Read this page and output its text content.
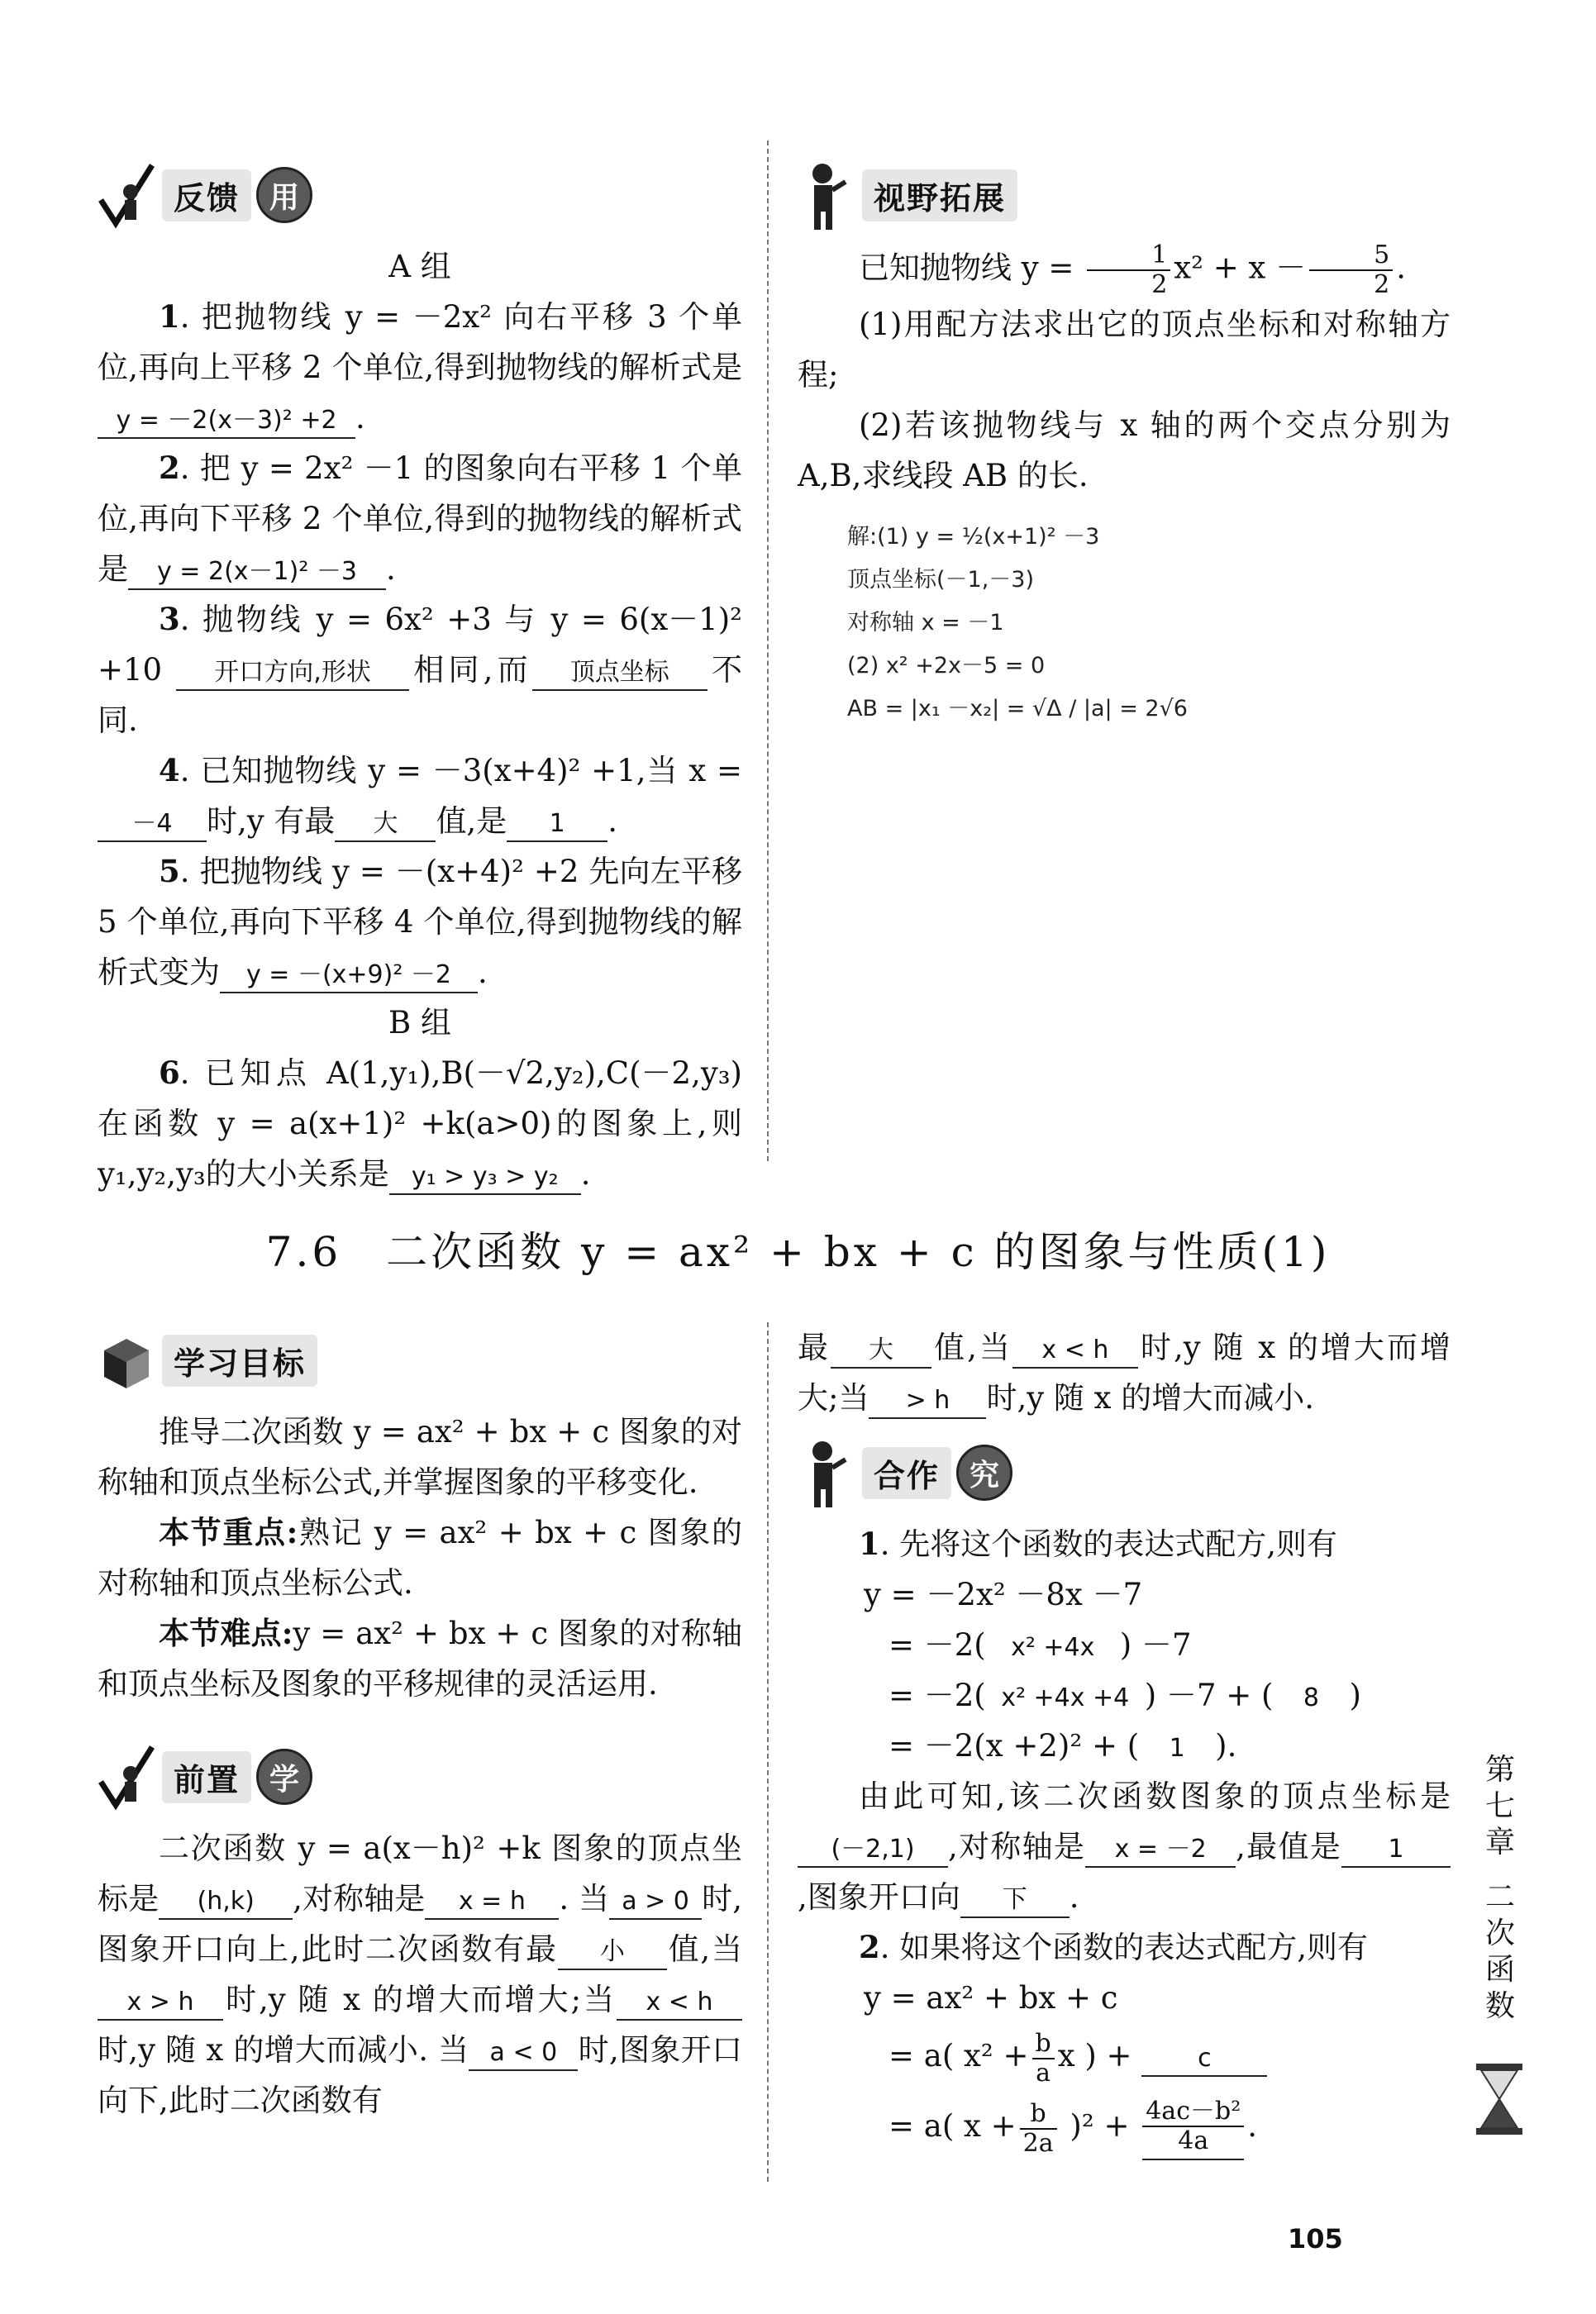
反馈 用

A 组

1. 把抛物线 y = －2x² 向右平移 3 个单位,再向上平移 2 个单位,得到抛物线的解析式是y = －2(x－3)² +2 .

2. 把 y = 2x² －1 的图象向右平移 1 个单位,再向下平移 2 个单位,得到的抛物线的解析式是 y = 2(x－1)² －3 .

3. 抛物线 y = 6x² +3 与 y = 6(x－1)² +10 开口方向,形状 相同,而 顶点坐标 不同.

4. 已知抛物线 y = －3(x+4)² +1,当 x =－4 时,y 有最 大 值,是 1 .

5. 把抛物线 y = －(x+4)² +2 先向左平移 5 个单位,再向下平移 4 个单位,得到抛物线的解析式变为 y = －(x+9)² －2 .

B 组

6. 已知点 A(1,y₁),B(－√2,y₂),C(－2,y₃)在函数 y = a(x+1)² +k(a>0)的图象上,则 y₁,y₂,y₃的大小关系是 y₁ > y₃ > y₂ .

视野拓展

已知抛物线 $y = \frac{1}{2} x^2 + x - \frac{5}{2}$ .

(1)用配方法求出它的顶点坐标和对称轴方程;

(2)若该抛物线与 x 轴的两个交点分别为 A,B,求线段 AB 的长.

解:(1) y = ½(x+1)² －3

顶点坐标(－1,－3)

对称轴 x = －1

(2) x² +2x－5 = 0

AB = |x₁ －x₂| = √Δ / |a| = 2√6

7.6　二次函数 y = ax² + bx + c 的图象与性质(1)
学习目标

推导二次函数 y = ax² + bx + c 图象的对称轴和顶点坐标公式,并掌握图象的平移变化.

本节重点:熟记 y = ax² + bx + c 图象的对称轴和顶点坐标公式.

本节难点:y = ax² + bx + c 图象的对称轴和顶点坐标及图象的平移规律的灵活运用.

前置 学

二次函数 y = a(x－h)² +k 图象的顶点坐标是 (h,k) ,对称轴是 x = h . 当 a > 0 时,图象开口向上,此时二次函数有最 小 值,当x > h 时,y 随 x 的增大而增大;当 x < h时,y 随 x 的增大而减小. 当 a < 0 时,图象开口向下,此时二次函数有

最 大 值,当 x < h 时,y 随 x 的增大而增大;当 > h 时,y 随 x 的增大而减小.

合作 究

1. 先将这个函数的表达式配方,则有

y = －2x² －8x －7

= －2( x² +4x ) －7

= －2( x² +4x +4 ) －7 + ( 8 )

= －2(x +2)² + ( 1 ).

由此可知,该二次函数图象的顶点坐标是(－2,1) ,对称轴是 x = －2 ,最值是 1,图象开口向 下 .

2. 如果将这个函数的表达式配方,则有

y = ax² + bx + c

= a( $x^2 + \frac{b}{a}$ x ) +	c

= a( $x + \frac{b}{2a} )^2 + \frac{\text{4ac－b²}}{4a}$ .

第
七
章
二
次
函
数
105
